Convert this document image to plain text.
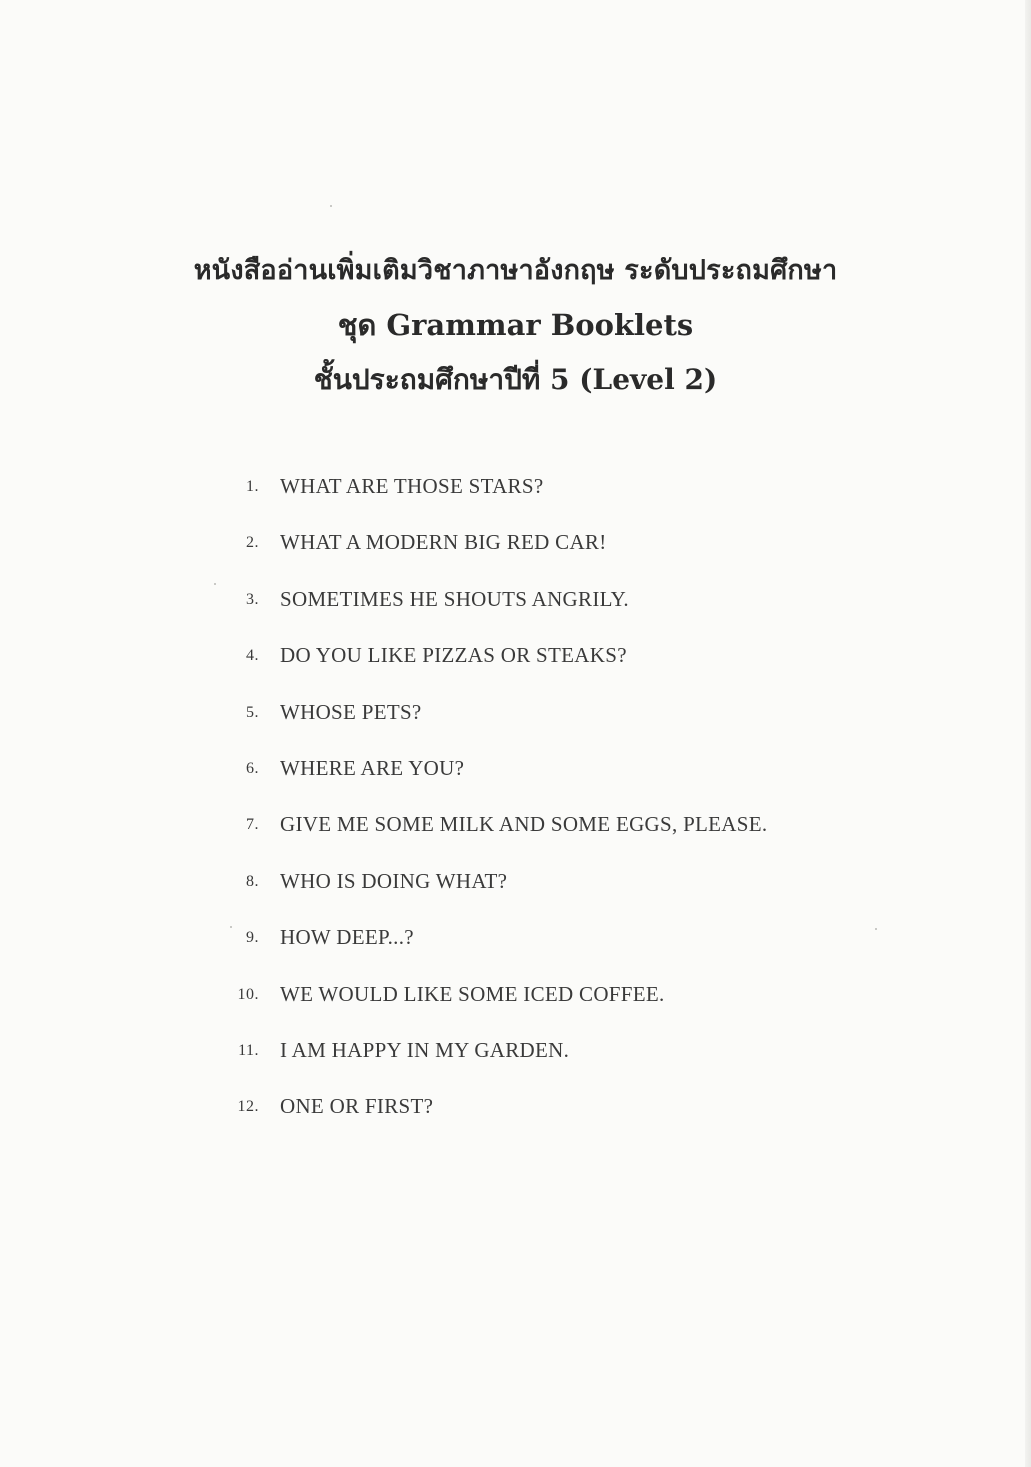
หนังสืออ่านเพิ่มเติมวิชาภาษาอังกฤษ ระดับประถมศึกษา
ชุด Grammar Booklets
ชั้นประถมศึกษาปีที่ 5 (Level 2)
1. WHAT ARE THOSE STARS?
2. WHAT A MODERN BIG RED CAR!
3. SOMETIMES HE SHOUTS ANGRILY.
4. DO YOU LIKE PIZZAS OR STEAKS?
5. WHOSE PETS?
6. WHERE ARE YOU?
7. GIVE ME SOME MILK AND SOME EGGS, PLEASE.
8. WHO IS DOING WHAT?
9. HOW DEEP...?
10. WE WOULD LIKE SOME ICED COFFEE.
11. I AM HAPPY IN MY GARDEN.
12. ONE OR FIRST?
